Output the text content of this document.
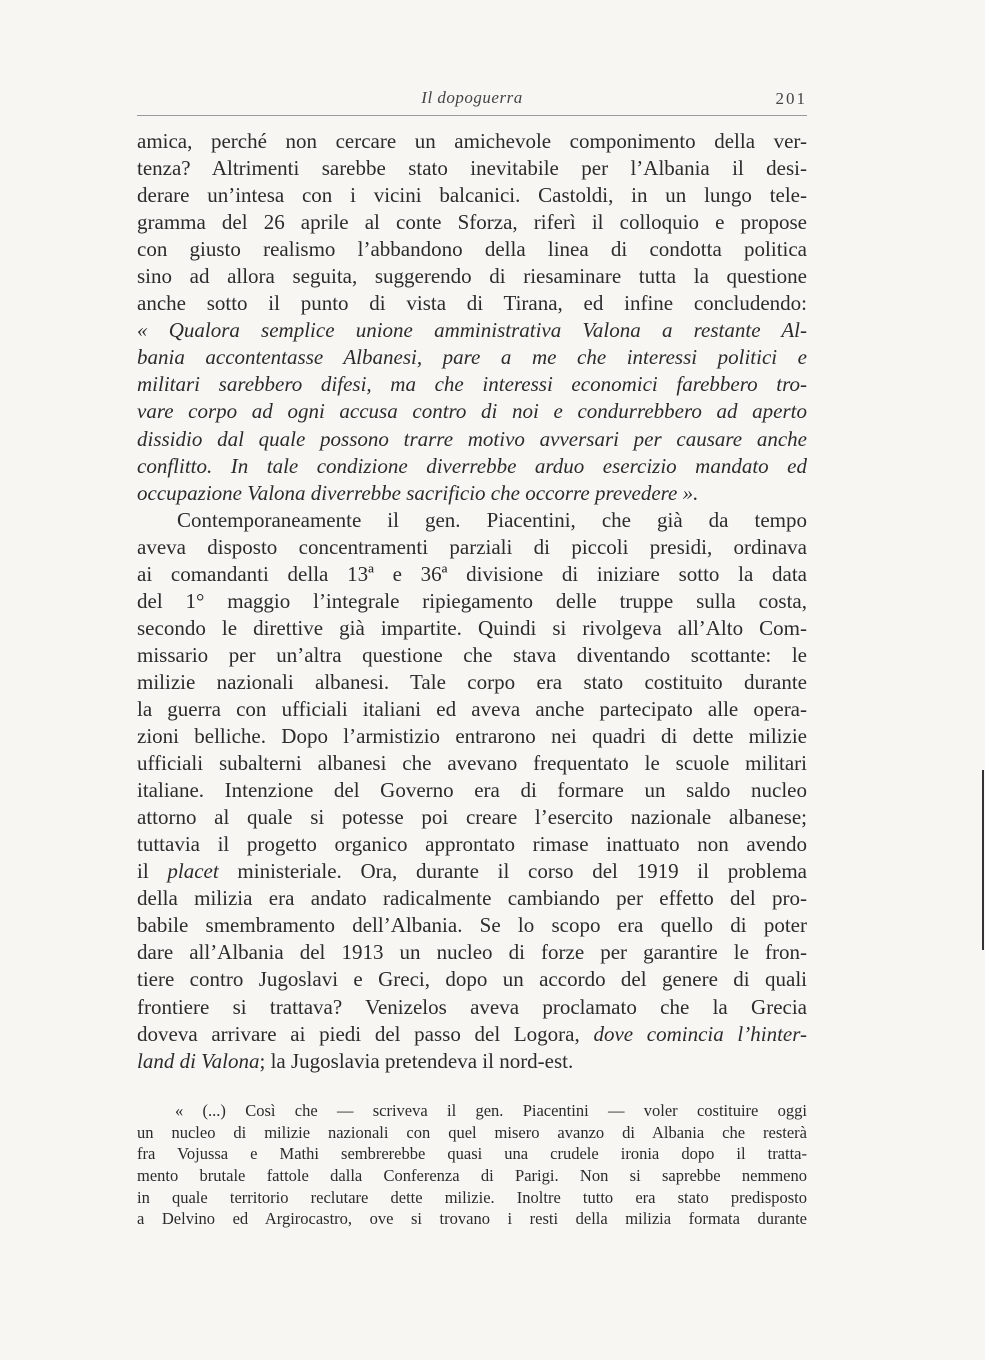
Il dopoguerra	201
amica, perché non cercare un amichevole componimento della ver-
tenza? Altrimenti sarebbe stato inevitabile per l’Albania il desi-
derare un’intesa con i vicini balcanici. Castoldi, in un lungo tele-
gramma del 26 aprile al conte Sforza, riferì il colloquio e propose
con giusto realismo l’abbandono della linea di condotta politica
sino ad allora seguita, suggerendo di riesaminare tutta la questione
anche sotto il punto di vista di Tirana, ed infine concludendo:
« Qualora semplice unione amministrativa Valona a restante Al-
bania accontentasse Albanesi, pare a me che interessi politici e
militari sarebbero difesi, ma che interessi economici farebbero tro-
vare corpo ad ogni accusa contro di noi e condurrebbero ad aperto
dissidio dal quale possono trarre motivo avversari per causare anche
conflitto. In tale condizione diverrebbe arduo esercizio mandato ed
occupazione Valona diverrebbe sacrificio che occorre prevedere ».
Contemporaneamente il gen. Piacentini, che già da tempo
aveva disposto concentramenti parziali di piccoli presidi, ordinava
ai comandanti della 13ª e 36ª divisione di iniziare sotto la data
del 1° maggio l’integrale ripiegamento delle truppe sulla costa,
secondo le direttive già impartite. Quindi si rivolgeva all’Alto Com-
missario per un’altra questione che stava diventando scottante: le
milizie nazionali albanesi. Tale corpo era stato costituito durante
la guerra con ufficiali italiani ed aveva anche partecipato alle opera-
zioni belliche. Dopo l’armistizio entrarono nei quadri di dette milizie
ufficiali subalterni albanesi che avevano frequentato le scuole militari
italiane. Intenzione del Governo era di formare un saldo nucleo
attorno al quale si potesse poi creare l’esercito nazionale albanese;
tuttavia il progetto organico approntato rimase inattuato non avendo
il placet ministeriale. Ora, durante il corso del 1919 il problema
della milizia era andato radicalmente cambiando per effetto del pro-
babile smembramento dell’Albania. Se lo scopo era quello di poter
dare all’Albania del 1913 un nucleo di forze per garantire le fron-
tiere contro Jugoslavi e Greci, dopo un accordo del genere di quali
frontiere si trattava? Venizelos aveva proclamato che la Grecia
doveva arrivare ai piedi del passo del Logora, dove comincia l’hinter-
land di Valona; la Jugoslavia pretendeva il nord-est.
« (...) Così che — scriveva il gen. Piacentini — voler costituire oggi
un nucleo di milizie nazionali con quel misero avanzo di Albania che resterà
fra Vojussa e Mathi sembrerebbe quasi una crudele ironia dopo il tratta-
mento brutale fattole dalla Conferenza di Parigi. Non si saprebbe nemmeno
in quale territorio reclutare dette milizie. Inoltre tutto era stato predisposto
a Delvino ed Argirocastro, ove si trovano i resti della milizia formata durante
